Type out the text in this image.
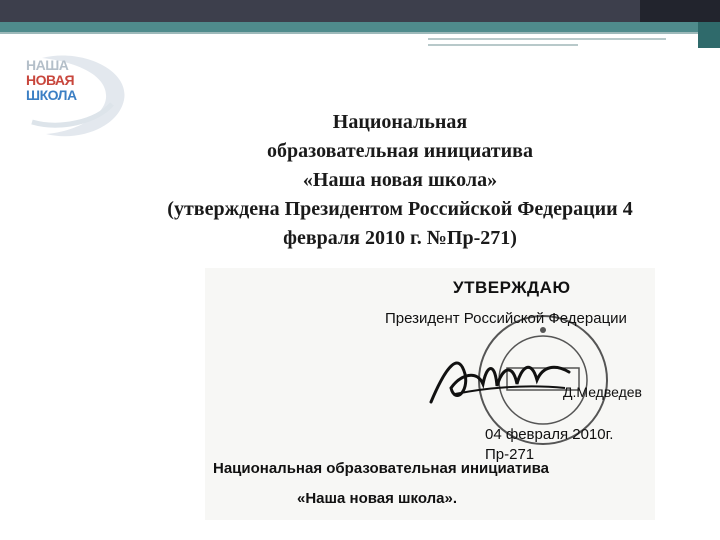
НАША
НОВАЯ
ШКОЛА
Национальная
образовательная инициатива
«Наша новая школа»
(утверждена Президентом Российской Федерации 4
февраля 2010 г. №Пр-271)
УТВЕРЖДАЮ
Президент Российской Федерации
Д.Медведев
04 февраля 2010г.
Пр-271
Национальная образовательная инициатива
«Наша новая школа».
